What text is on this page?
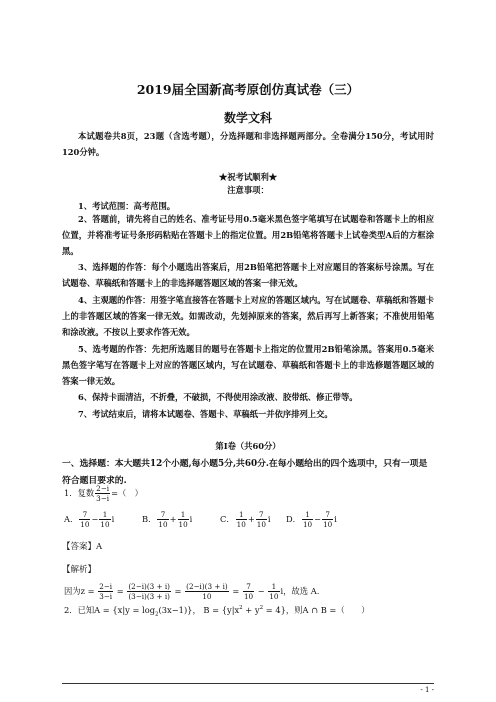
2019届全国新高考原创仿真试卷（三）
数学文科
本试题卷共8页，23题（含选考题），分选择题和非选择题两部分。全卷满分150分，考试用时120分钟。
★祝考试顺利★
注意事项：
1、考试范围：高考范围。
2、答题前，请先将自己的姓名、准考证号用0.5毫米黑色签字笔填写在试题卷和答题卡上的相应位置，并将准考证号条形码粘贴在答题卡上的指定位置。用2B铅笔将答题卡上试卷类型A后的方框涂黑。
3、选择题的作答：每个小题选出答案后，用2B铅笔把答题卡上对应题目的答案标号涂黑。写在试题卷、草稿纸和答题卡上的非选择题答题区域的答案一律无效。
4、主观题的作答：用签字笔直接答在答题卡上对应的答题区域内。写在试题卷、草稿纸和答题卡上的非答题区域的答案一律无效。如需改动，先划掉原来的答案，然后再写上新答案；不准使用铅笔和涂改液。不按以上要求作答无效。
5、选考题的作答：先把所选题目的题号在答题卡上指定的位置用2B铅笔涂黑。答案用0.5毫米黑色签字笔写在答题卡上对应的答题区域内，写在试题卷、草稿纸和答题卡上的非选修题答题区域的答案一律无效。
6、保持卡面清洁，不折叠，不破损，不得使用涂改液、胶带纸、修正带等。
7、考试结束后，请将本试题卷、答题卡、草稿纸一并依序排列上交。
第Ⅰ卷（共60分）
一、选择题：本大题共12个小题,每小题5分,共60分.在每小题给出的四个选项中，只有一项是符合题目要求的.
1．复数 $\frac{2-i}{3-i}$ =（　）
A． $\frac{7}{10} - \frac{1}{10}$ i	B． $\frac{7}{10} + \frac{1}{10}$ i	C． $\frac{1}{10} + \frac{7}{10}$ i D． $\frac{1}{10} - \frac{7}{10}$ i
【答案】A
【解析】
因为$z = \frac{2-i}{3-i} = \frac{(2-i)(3 + i)}{(3-i)(3 + i)} = \frac{(2-i)(3 + i)}{10} = \frac{7}{10} - \frac{1}{10}$ i，故选 A.
2．已知$A = \{x|y = \log_2(3x-1)\}$， $B = \{y|x^2 + y^2 = 4\}$，则A ∩ B =（　　）
- 1 -
